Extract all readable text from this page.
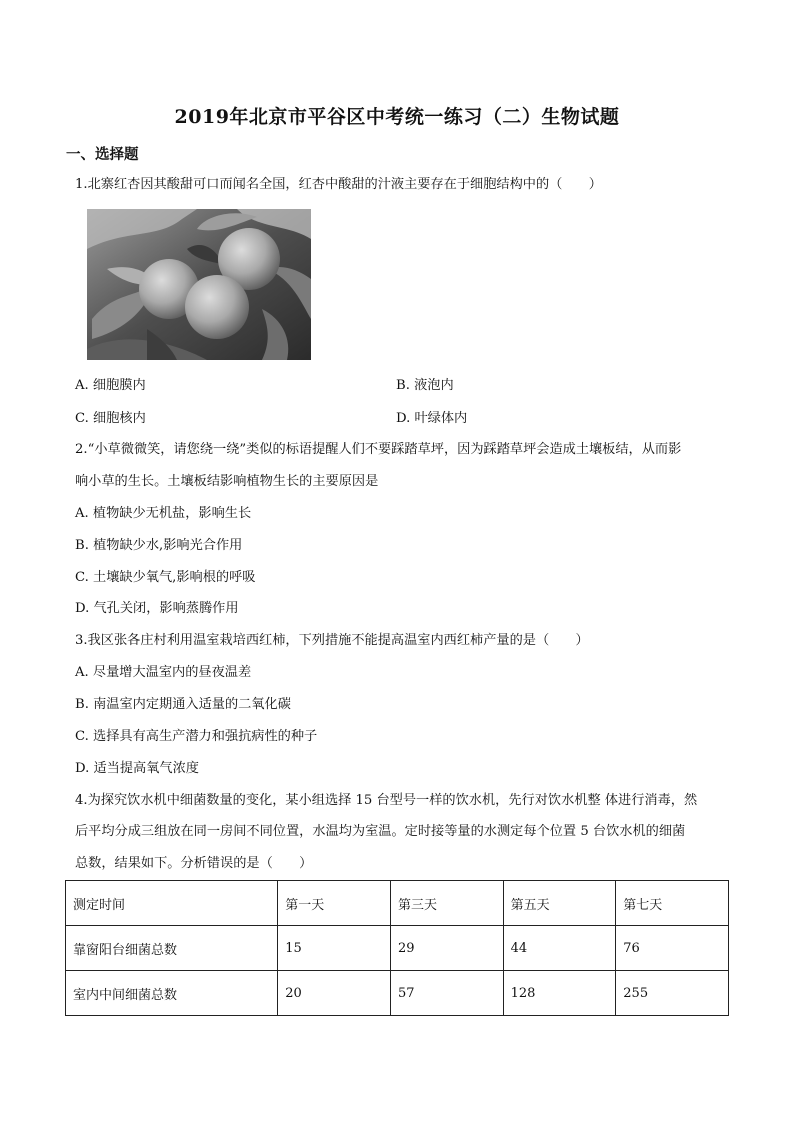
2019年北京市平谷区中考统一练习（二）生物试题
一、选择题
1.北寨红杏因其酸甜可口而闻名全国，红杏中酸甜的汁液主要存在于细胞结构中的（　　）
A. 细胞膜内	B. 液泡内
C. 细胞核内	D. 叶绿体内
2.“小草微微笑，请您绕一绕”类似的标语提醒人们不要踩踏草坪，因为踩踏草坪会造成土壤板结，从而影
响小草的生长。土壤板结影响植物生长的主要原因是
A. 植物缺少无机盐，影响生长
B. 植物缺少水,影响光合作用
C. 土壤缺少氧气,影响根的呼吸
D. 气孔关闭，影响蒸腾作用
3.我区张各庄村利用温室栽培西红柿，下列措施不能提高温室内西红柿产量的是（　　）
A. 尽量增大温室内的昼夜温差
B. 南温室内定期通入适量的二氧化碳
C. 选择具有高生产潜力和强抗病性的种子
D. 适当提高氧气浓度
4.为探究饮水机中细菌数量的变化，某小组选择 15 台型号一样的饮水机，先行对饮水机整 体进行消毒，然
后平均分成三组放在同一房间不同位置，水温均为室温。定时接等量的水测定每个位置 5 台饮水机的细菌
总数，结果如下。分析错误的是（　　）
测定时间	第一天	第三天	第五天	第七天
靠窗阳台细菌总数	15	29	44	76
室内中间细菌总数	20	57	128	255
